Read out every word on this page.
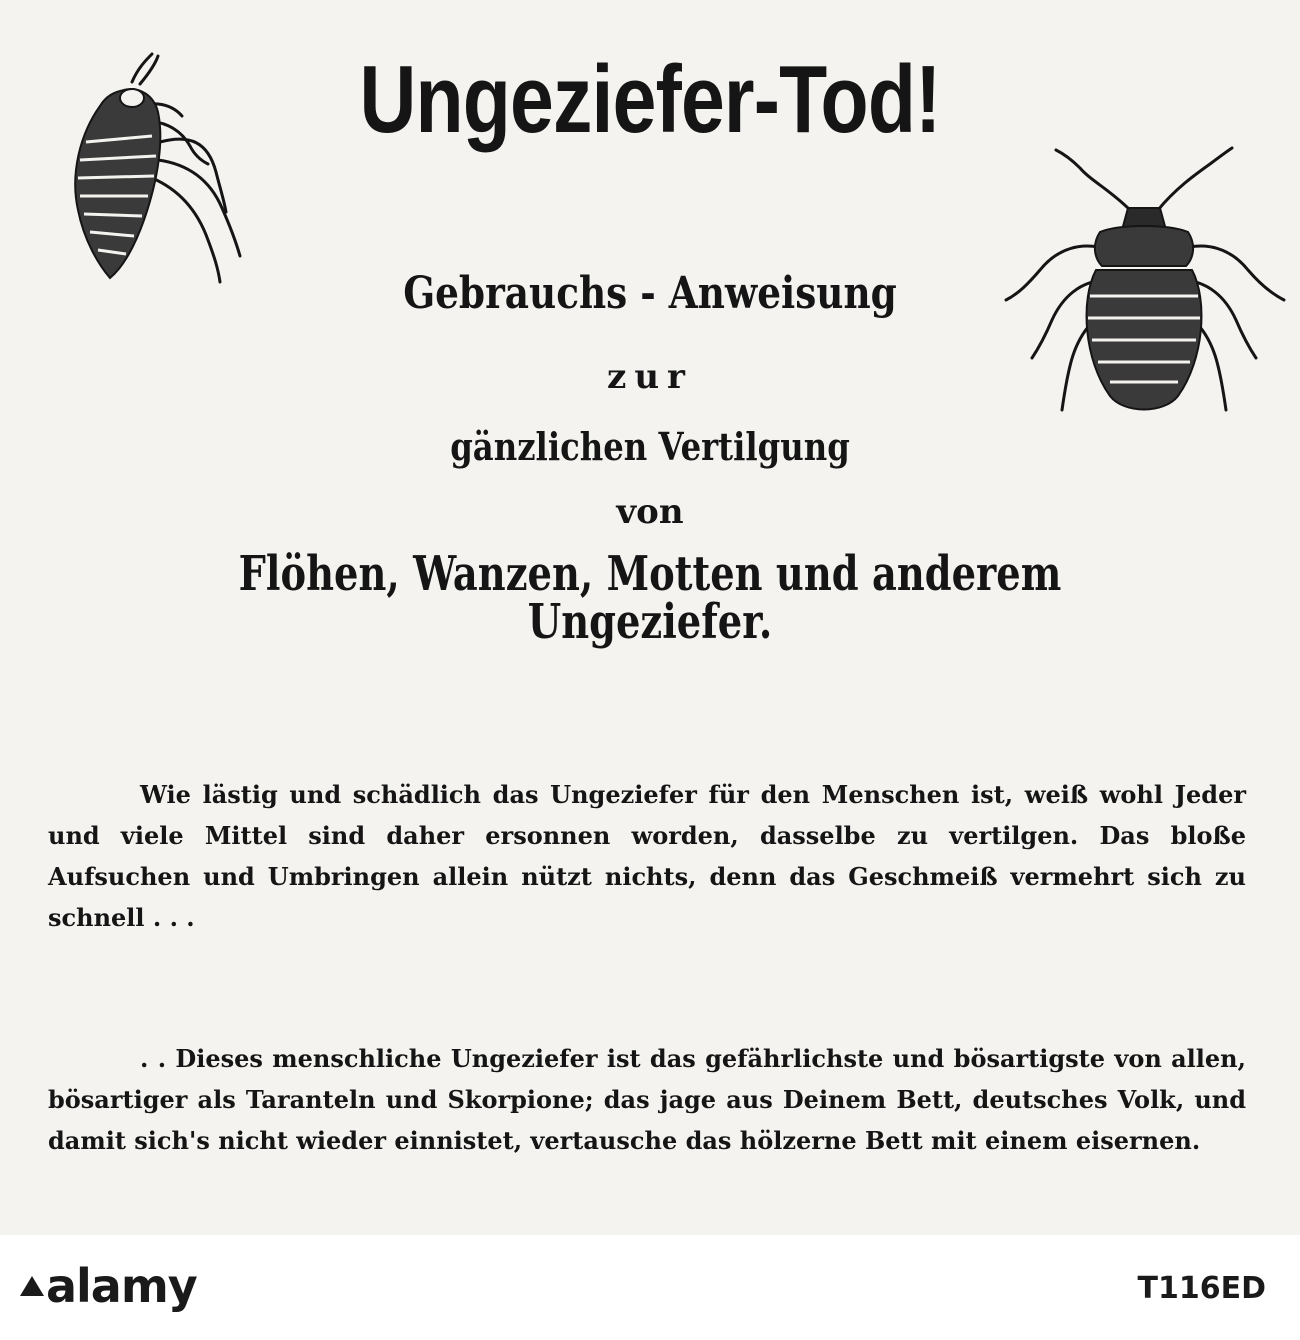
Ungeziefer-Tod!
Gebrauchs - Anweisung
zur
gänzlichen Vertilgung
von
Flöhen, Wanzen, Motten und anderem Ungeziefer.

Wie lästig und schädlich das Ungeziefer für den Menschen ist, weiß wohl Jeder und viele Mittel sind daher ersonnen worden, dasselbe zu vertilgen. Das bloße Aufsuchen und Umbringen allein nützt nichts, denn das Geschmeiß vermehrt sich zu schnell . . .

. . Dieses menschliche Ungeziefer ist das gefährlichste und bösartigste von allen, bösartiger als Taranteln und Skorpione; das jage aus Deinem Bett, deutsches Volk, und damit sich's nicht wieder einnistet, vertausche das hölzerne Bett mit einem eisernen.

alamy	T116ED
